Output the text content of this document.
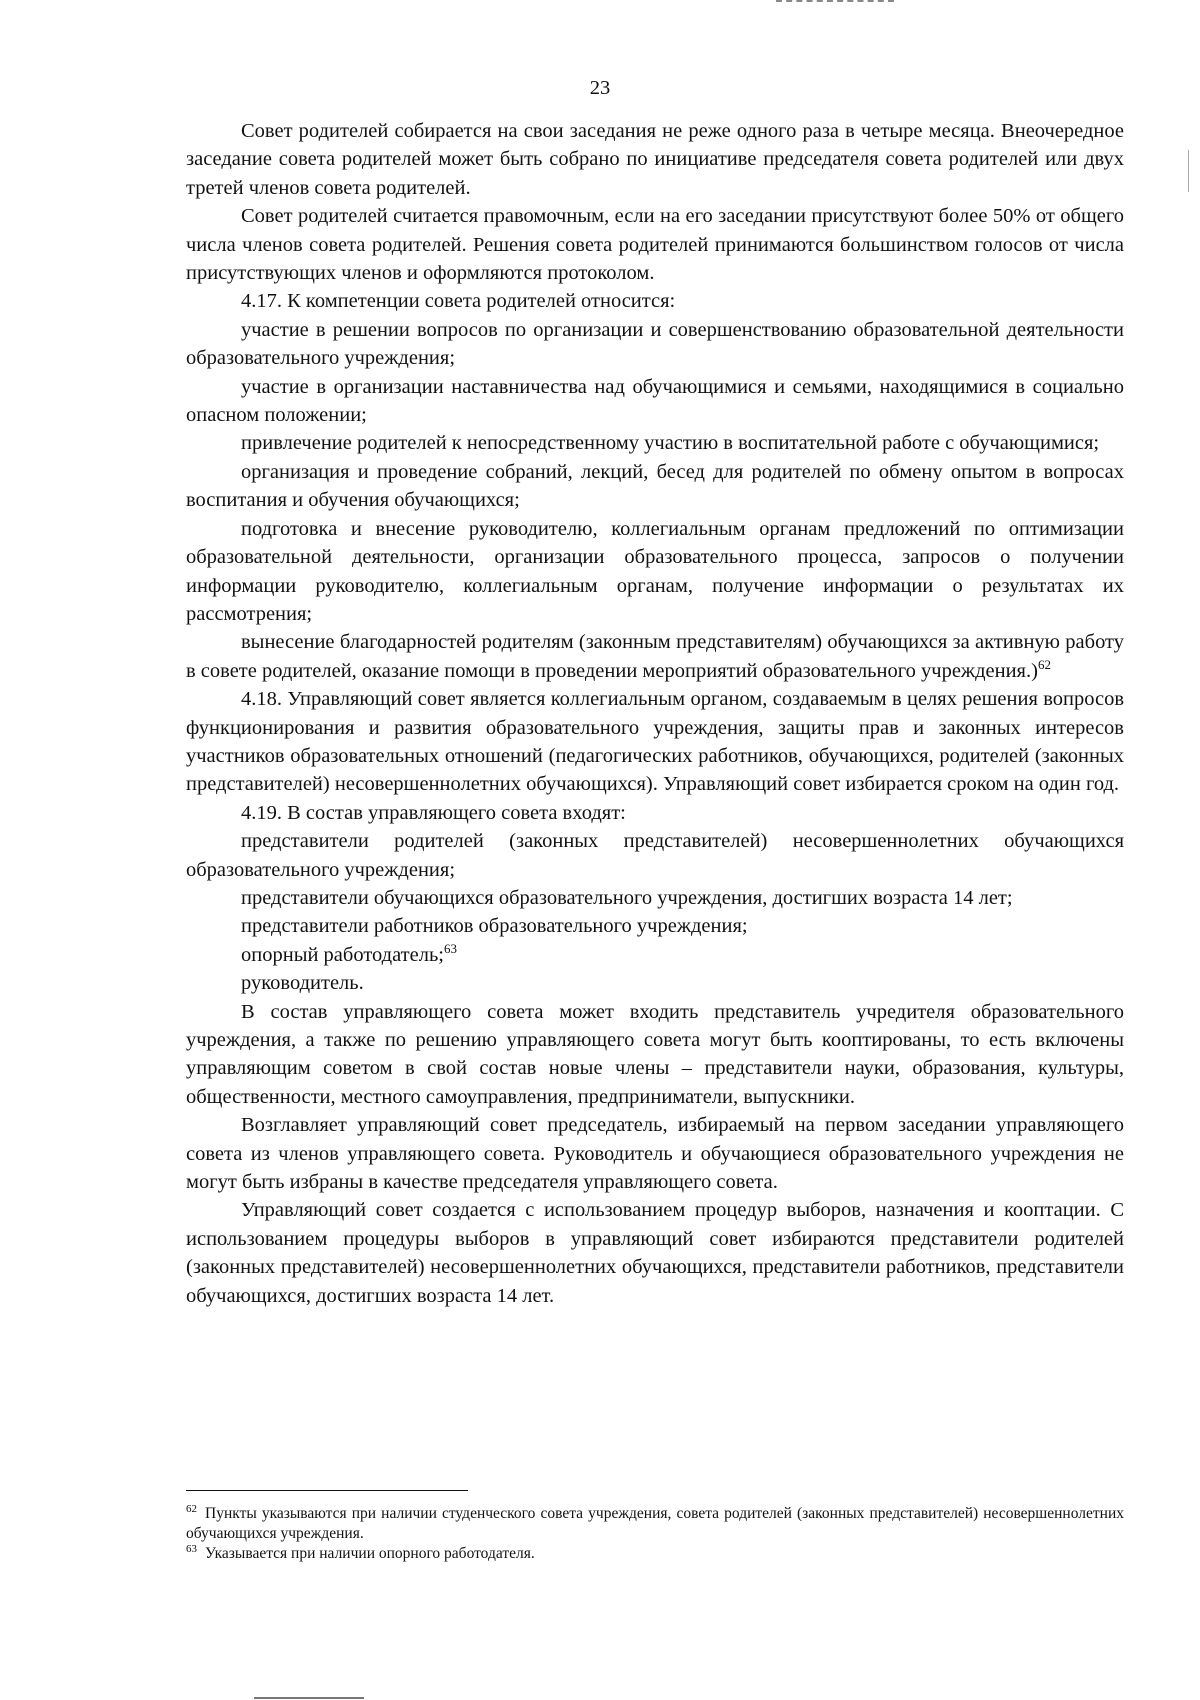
23

Совет родителей собирается на свои заседания не реже одного раза в четыре месяца. Внеочередное заседание совета родителей может быть собрано по инициативе председателя совета родителей или двух третей членов совета родителей.

Совет родителей считается правомочным, если на его заседании присутствуют более 50% от общего числа членов совета родителей. Решения совета родителей принимаются большинством голосов от числа присутствующих членов и оформляются протоколом.

4.17. К компетенции совета родителей относится:

участие в решении вопросов по организации и совершенствованию образовательной деятельности образовательного учреждения;

участие в организации наставничества над обучающимися и семьями, находящимися в социально опасном положении;

привлечение родителей к непосредственному участию в воспитательной работе с обучающимися;

организация и проведение собраний, лекций, бесед для родителей по обмену опытом в вопросах воспитания и обучения обучающихся;

подготовка и внесение руководителю, коллегиальным органам предложений по оптимизации образовательной деятельности, организации образовательного процесса, запросов о получении информации руководителю, коллегиальным органам, получение информации о результатах их рассмотрения;

вынесение благодарностей родителям (законным представителям) обучающихся за активную работу в совете родителей, оказание помощи в проведении мероприятий образовательного учреждения.)$^{62}$

4.18. Управляющий совет является коллегиальным органом, создаваемым в целях решения вопросов функционирования и развития образовательного учреждения, защиты прав и законных интересов участников образовательных отношений (педагогических работников, обучающихся, родителей (законных представителей) несовершеннолетних обучающихся). Управляющий совет избирается сроком на один год.

4.19. В состав управляющего совета входят:

представители родителей (законных представителей) несовершеннолетних обучающихся образовательного учреждения;

представители обучающихся образовательного учреждения, достигших возраста 14 лет;

представители работников образовательного учреждения;

опорный работодатель;$^{63}$

руководитель.

В состав управляющего совета может входить представитель учредителя образовательного учреждения, а также по решению управляющего совета могут быть кооптированы, то есть включены управляющим советом в свой состав новые члены – представители науки, образования, культуры, общественности, местного самоуправления, предприниматели, выпускники.

Возглавляет управляющий совет председатель, избираемый на первом заседании управляющего совета из членов управляющего совета. Руководитель и обучающиеся образовательного учреждения не могут быть избраны в качестве председателя управляющего совета.

Управляющий совет создается с использованием процедур выборов, назначения и кооптации. С использованием процедуры выборов в управляющий совет избираются представители родителей (законных представителей) несовершеннолетних обучающихся, представители работников, представители обучающихся, достигших возраста 14 лет.

$^{62}$ Пункты указываются при наличии студенческого совета учреждения, совета родителей (законных представителей) несовершеннолетних обучающихся учреждения.

$^{63}$ Указывается при наличии опорного работодателя.
